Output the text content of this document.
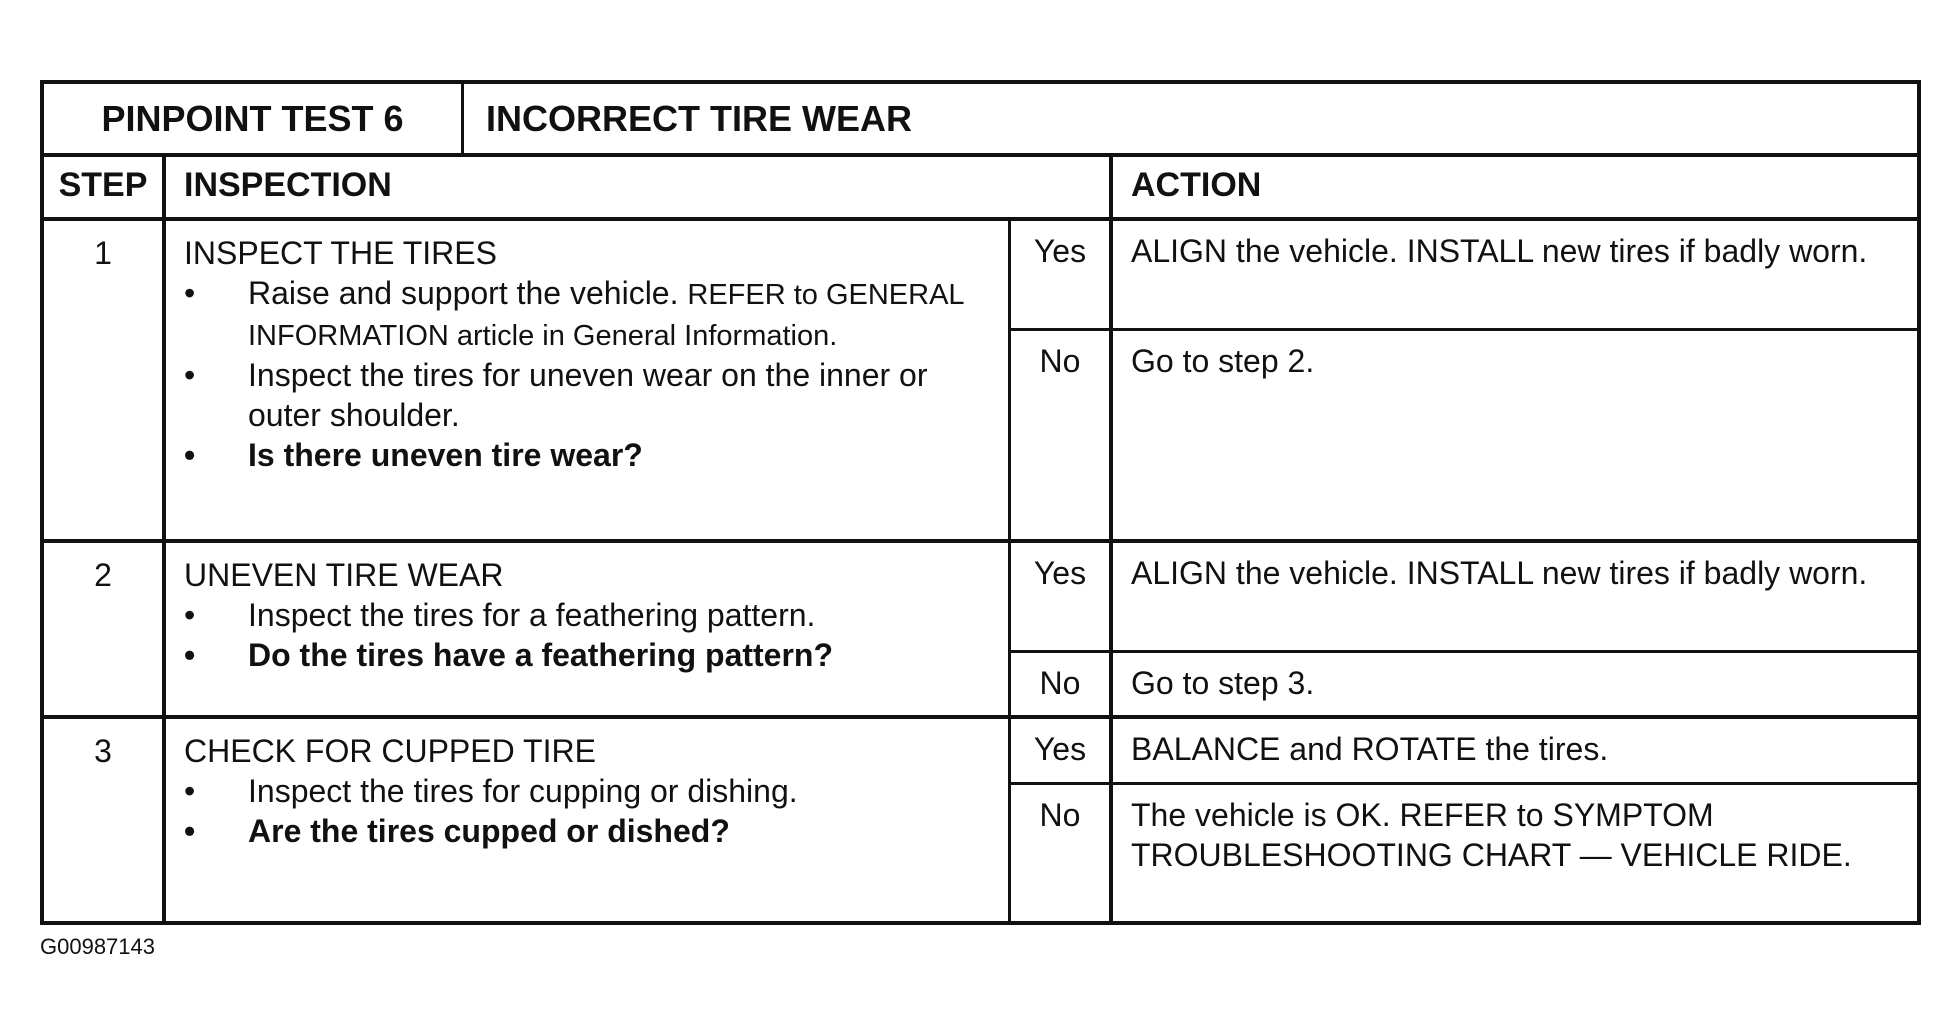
PINPOINT TEST 6	INCORRECT TIRE WEAR
STEP	INSPECTION	ACTION
1	INSPECT THE TIRES
• Raise and support the vehicle. REFER to GENERAL INFORMATION article in General Information.
• Inspect the tires for uneven wear on the inner or outer shoulder.
• Is there uneven tire wear?
Yes	ALIGN the vehicle. INSTALL new tires if badly worn.
No	Go to step 2.
2	UNEVEN TIRE WEAR
• Inspect the tires for a feathering pattern.
• Do the tires have a feathering pattern?
Yes	ALIGN the vehicle. INSTALL new tires if badly worn.
No	Go to step 3.
3	CHECK FOR CUPPED TIRE
• Inspect the tires for cupping or dishing.
• Are the tires cupped or dished?
Yes	BALANCE and ROTATE the tires.
No	The vehicle is OK. REFER to SYMPTOM TROUBLESHOOTING CHART — VEHICLE RIDE.
G00987143
